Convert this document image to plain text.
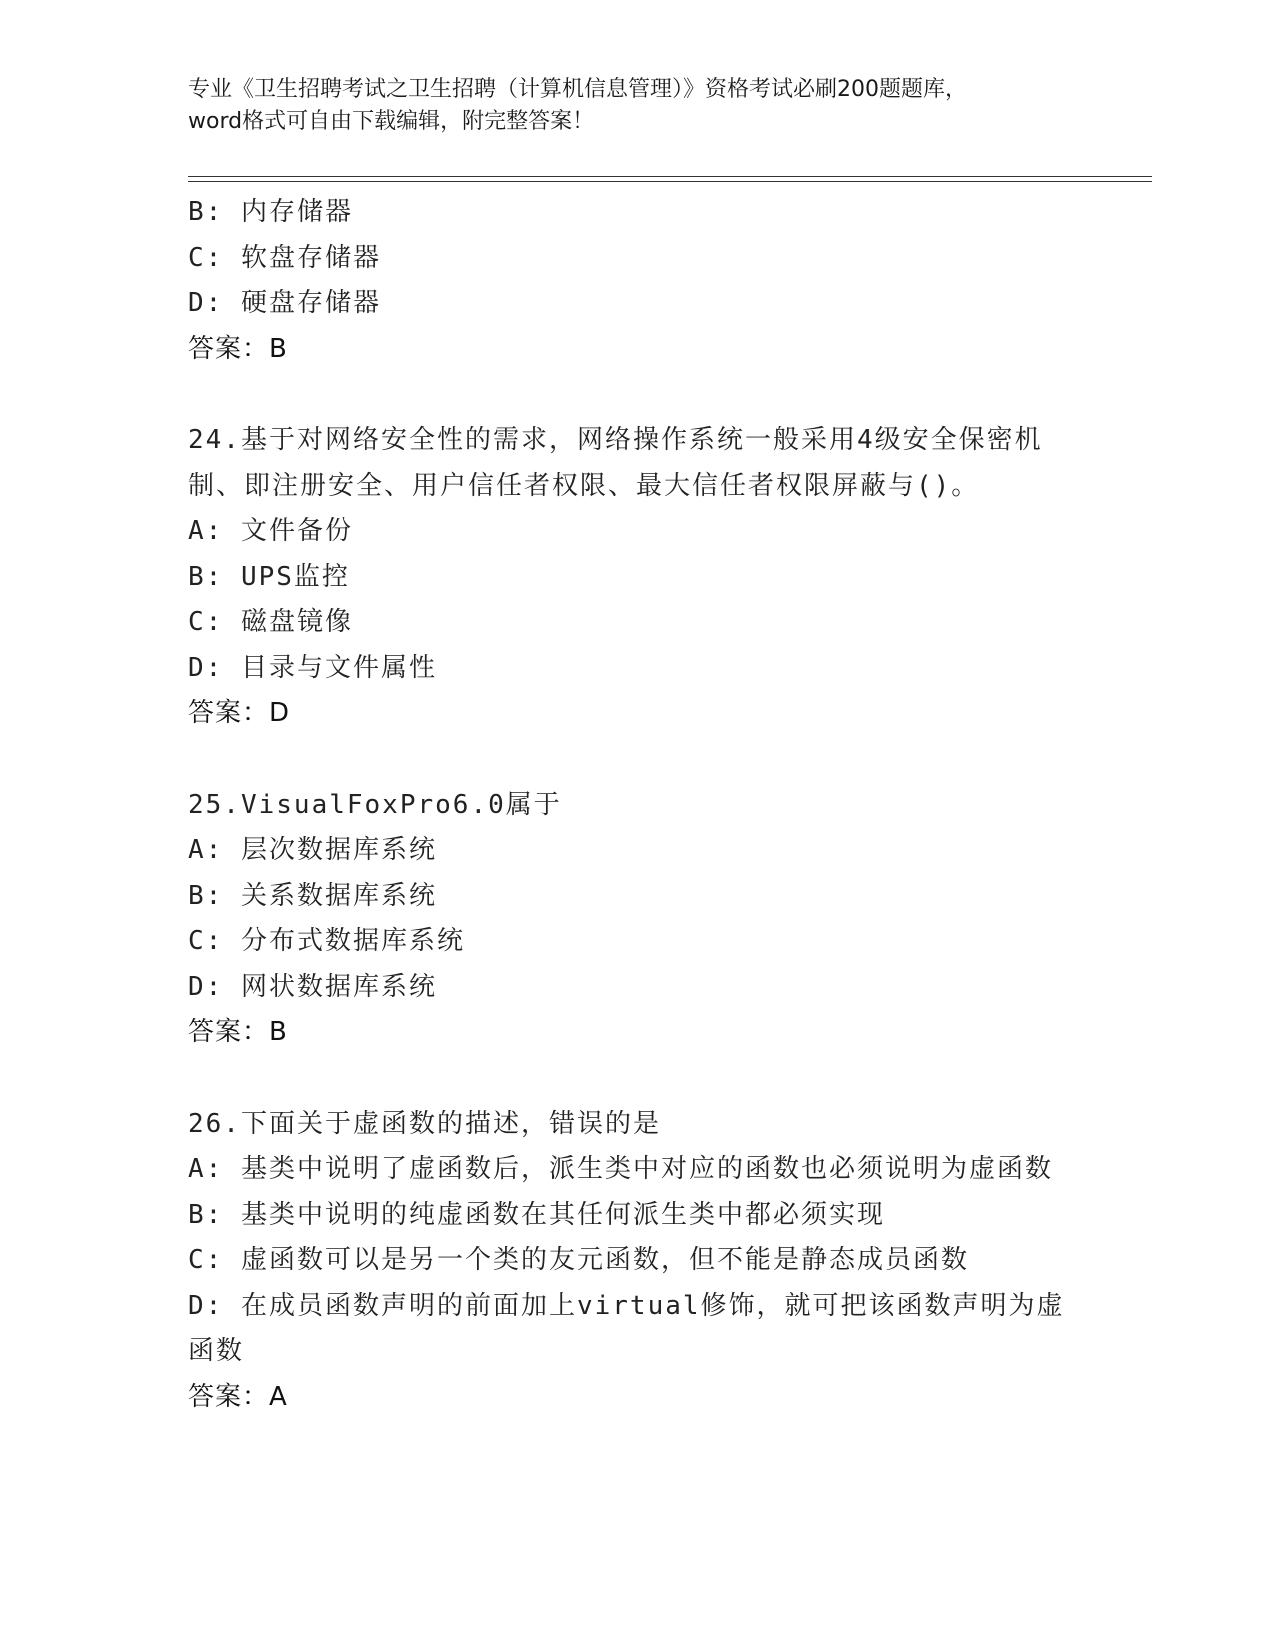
专业《卫生招聘考试之卫生招聘（计算机信息管理）》资格考试必刷200题题库，
word格式可自由下载编辑，附完整答案！
B: 内存储器
C: 软盘存储器
D: 硬盘存储器
答案：B
24.基于对网络安全性的需求，网络操作系统一般采用4级安全保密机
制、即注册安全、用户信任者权限、最大信任者权限屏蔽与()。
A: 文件备份
B: UPS监控
C: 磁盘镜像
D: 目录与文件属性
答案：D
25.VisualFoxPro6.0属于
A: 层次数据库系统
B: 关系数据库系统
C: 分布式数据库系统
D: 网状数据库系统
答案：B
26.下面关于虚函数的描述，错误的是
A: 基类中说明了虚函数后，派生类中对应的函数也必须说明为虚函数
B: 基类中说明的纯虚函数在其任何派生类中都必须实现
C: 虚函数可以是另一个类的友元函数，但不能是静态成员函数
D: 在成员函数声明的前面加上virtual修饰，就可把该函数声明为虚
函数
答案：A
